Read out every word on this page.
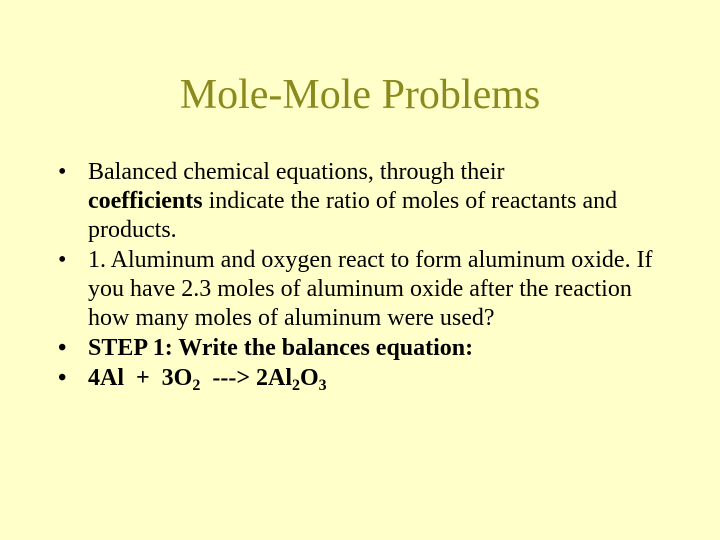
Mole-Mole Problems
• Balanced chemical equations, through their
coefficients indicate the ratio of moles of reactants and products.
• 1. Aluminum and oxygen react to form aluminum oxide. If you have 2.3 moles of aluminum oxide after the reaction how many moles of aluminum were used?
• STEP 1: Write the balances equation:
• $4Al + 3O_2$  ---> $2Al_2O_3$
